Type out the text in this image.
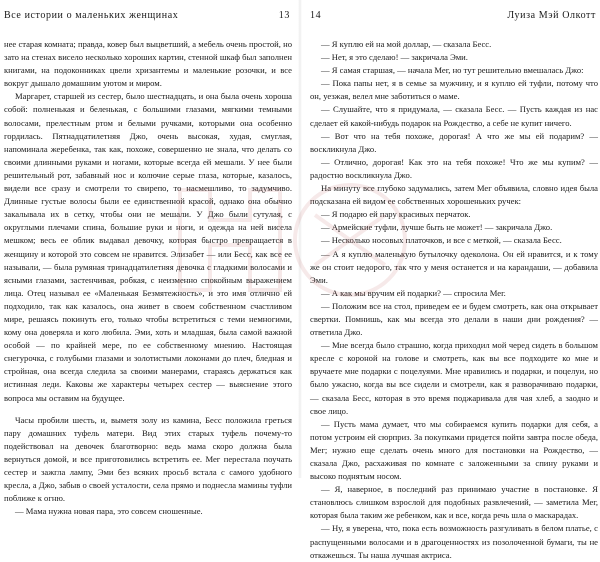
Все истории о маленьких женщинах	13

нее старая комната; правда, ковер был выцветший, а мебель очень простой, но зато на стенах висело несколько хороших картин, стенной шкаф был заполнен книгами, на подоконниках цвели хризантемы и маленькие розочки, и все вокруг дышало домашним уютом и миром.

Маргарет, старшей из сестер, было шестнадцать, и она была очень хороша собой: полненькая и беленькая, с большими глазами, мягкими темными волосами, прелестным ртом и белыми ручками, которыми она особенно гордилась. Пятнадцатилетняя Джо, очень высокая, худая, смуглая, напоминала жеребенка, так как, похоже, совершенно не знала, что делать со своими длинными руками и ногами, которые всегда ей мешали. У нее были решительный рот, забавный нос и колючие серые глаза, которые, казалось, видели все сразу и смотрели то свирепо, то насмешливо, то задумчиво. Длинные густые волосы были ее единственной красой, однако она обычно закалывала их в сетку, чтобы они не мешали. У Джо были сутулая, с округлыми плечами спина, большие руки и ноги, и одежда на ней висела мешком; весь ее облик выдавал девочку, которая быстро превращается в женщину и которой это совсем не нравится. Элизабет — или Бесс, как все ее называли, — была румяная тринадцатилетняя девочка с гладкими волосами и ясными глазами, застенчивая, робкая, с неизменно спокойным выражением лица. Отец называл ее «Маленькая Безмятежность», и это имя отлично ей подходило, так как казалось, она живет в своем собственном счастливом мире, решаясь покинуть его, только чтобы встретиться с теми немногими, кому она доверяла и кого любила. Эми, хоть и младшая, была самой важной особой — по крайней мере, по ее собственному мнению. Настоящая снегурочка, с голубыми глазами и золотистыми локонами до плеч, бледная и стройная, она всегда следила за своими манерами, стараясь держаться как истинная леди. Каковы же характеры четырех сестер — выяснение этого вопроса мы оставим на будущее.

Часы пробили шесть, и, выметя золу из камина, Бесс положила греться пару домашних туфель матери. Вид этих старых туфель почему-то подействовал на девочек благотворно: ведь мама скоро должна была вернуться домой, и все приготовились встретить ее. Мег перестала поучать сестер и зажгла лампу, Эми без всяких просьб встала с самого удобного кресла, а Джо, забыв о своей усталости, села прямо и поднесла мамины туфли поближе к огню.

— Мама нужна новая пара, это совсем сношенные.

14	Луиза Мэй Олкотт

— Я куплю ей на мой доллар, — сказала Бесс.

— Нет, я это сделаю! — закричала Эми.

— Я самая старшая, — начала Мег, но тут решительно вмешалась Джо:

— Пока папы нет, я в семье за мужчину, и я куплю ей туфли, потому что он, уезжая, велел мне заботиться о маме.

— Слушайте, что я придумала, — сказала Бесс. — Пусть каждая из нас сделает ей какой-нибудь подарок на Рождество, а себе не купит ничего.

— Вот что на тебя похоже, дорогая! А что же мы ей подарим? — воскликнула Джо.

— Отлично, дорогая! Как это на тебя похоже! Что же мы купим? — радостно воскликнула Джо.

На минуту все глубоко задумались, затем Мег объявила, словно идея была подсказана ей видом ее собственных хорошеньких ручек:

— Я подарю ей пару красивых перчаток.

— Армейские туфли, лучше быть не может! — закричала Джо.

— Несколько носовых платочков, и все с меткой, — сказала Бесс.

— А я куплю маленькую бутылочку одеколона. Он ей нравится, и к тому же он стоит недорого, так что у меня останется и на карандаши, — добавила Эми.

— А как мы вручим ей подарки? — спросила Мег.

— Положим все на стол, приведем ее и будем смотреть, как она открывает свертки. Помнишь, как мы всегда это делали в наши дни рождения? — ответила Джо.

— Мне всегда было страшно, когда приходил мой черед сидеть в большом кресле с короной на голове и смотреть, как вы все подходите ко мне и вручаете мне подарки с поцелуями. Мне нравились и подарки, и поцелуи, но было ужасно, когда вы все сидели и смотрели, как я разворачиваю подарки, — сказала Бесс, которая в это время поджаривала для чая хлеб, а заодно и свое лицо.

— Пусть мама думает, что мы собираемся купить подарки для себя, а потом устроим ей сюрприз. За покупками придется пойти завтра после обеда, Мег; нужно еще сделать очень много для постановки на Рождество, — сказала Джо, расхаживая по комнате с заложенными за спину руками и высоко поднятым носом.

— Я, наверное, в последний раз принимаю участие в постановке. Я становлюсь слишком взрослой для подобных развлечений, — заметила Мег, которая была таким же ребенком, как и все, когда речь шла о маскарадах.

— Ну, я уверена, что, пока есть возможность разгуливать в белом платье, с распущенными волосами и в драгоценностях из позолоченной бумаги, ты не откажешься. Ты наша лучшая актриса.
